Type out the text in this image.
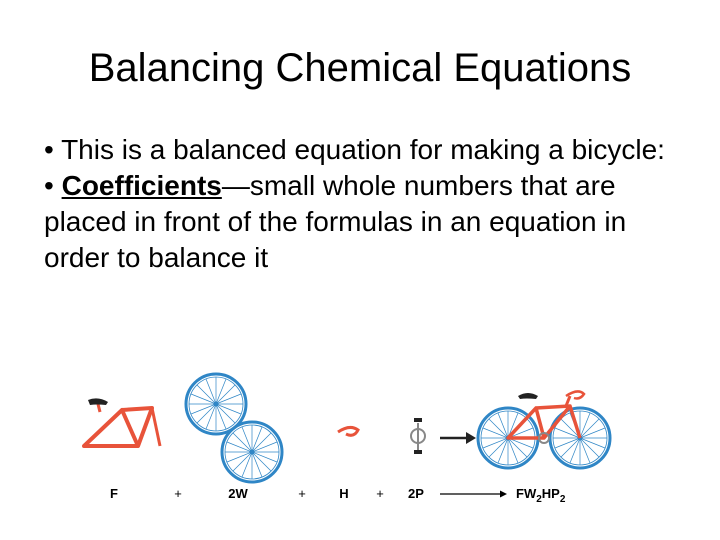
Balancing Chemical Equations

• This is a balanced equation for making a bicycle:

• Coefficients—small whole numbers that are placed in front of the formulas in an equation in order to balance it

F	+	2W	+	H + 2P	$FW_2HP_2$
